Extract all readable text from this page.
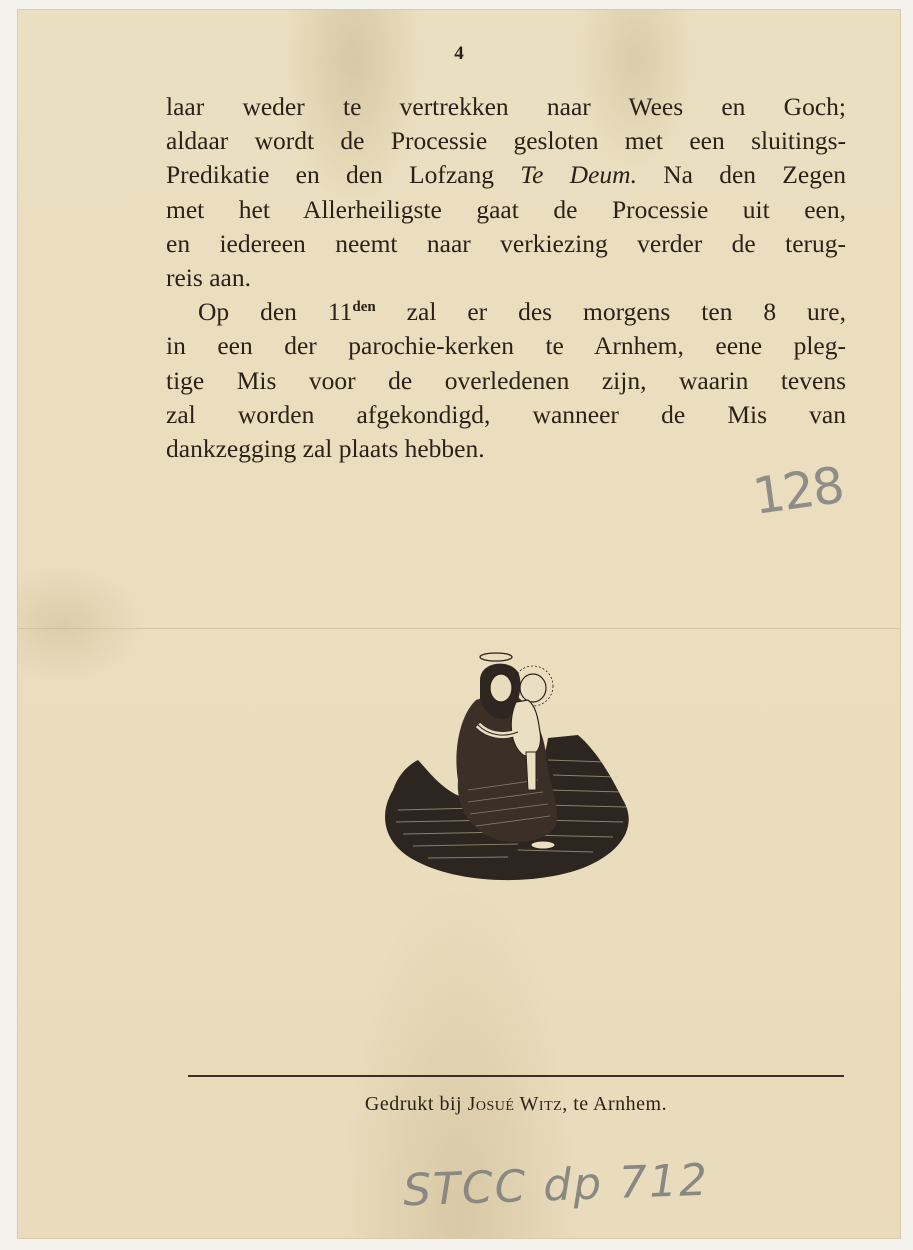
4
laar weder te vertrekken naar Wees en Goch;
aldaar wordt de Processie gesloten met een sluitings-
Predikatie en den Lofzang Te Deum. Na den Zegen
met het Allerheiligste gaat de Processie uit een,
en iedereen neemt naar verkiezing verder de terug-
reis aan.
Op den $11^{den}$ zal er des morgens ten 8 ure,
in een der parochie-kerken te Arnhem, eene pleg-
tige Mis voor de overledenen zijn, waarin tevens
zal worden afgekondigd, wanneer de Mis van
dankzegging zal plaats hebben.
128
Gedrukt bij Josué Witz, te Arnhem.
STCC dp 712
